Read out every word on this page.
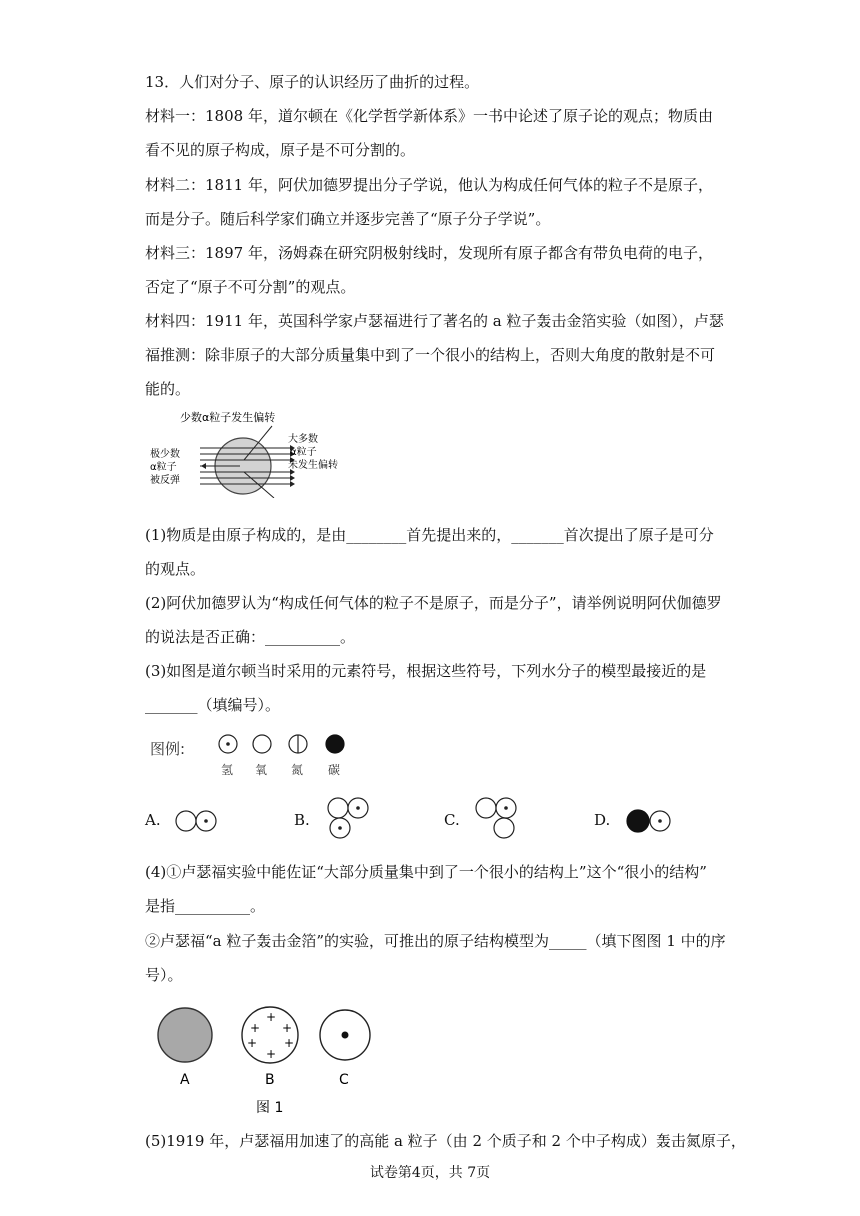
13．人们对分子、原子的认识经历了曲折的过程。
材料一：1808 年，道尔顿在《化学哲学新体系》一书中论述了原子论的观点；物质由
看不见的原子构成，原子是不可分割的。
材料二：1811 年，阿伏加德罗提出分子学说，他认为构成任何气体的粒子不是原子，
而是分子。随后科学家们确立并逐步完善了“原子分子学说”。
材料三：1897 年，汤姆森在研究阴极射线时，发现所有原子都含有带负电荷的电子，
否定了“原子不可分割”的观点。
材料四：1911 年，英国科学家卢瑟福进行了著名的 a 粒子轰击金箔实验（如图），卢瑟
福推测：除非原子的大部分质量集中到了一个很小的结构上，否则大角度的散射是不可
能的。
少数α粒子发生偏转
大多数
α粒子
未发生偏转
极少数
α粒子
被反弹
(1)物质是由原子构成的，是由________首先提出来的，_______首次提出了原子是可分
的观点。
(2)阿伏加德罗认为“构成任何气体的粒子不是原子，而是分子”，请举例说明阿伏伽德罗
的说法是否正确：__________。
(3)如图是道尔顿当时采用的元素符号，根据这些符号，下列水分子的模型最接近的是
_______（填编号）。
图例:
氢 氧 氮 碳
A.	B.	C.	D.
(4)①卢瑟福实验中能佐证“大部分质量集中到了一个很小的结构上”这个“很小的结构”
是指__________。
②卢瑟福“a 粒子轰击金箔”的实验，可推出的原子结构模型为_____（填下图图 1 中的序
号）。
+
+ +
+ +
+
A	B	C
图 1
(5)1919 年，卢瑟福用加速了的高能 a 粒子（由 2 个质子和 2 个中子构成）轰击氮原子，
试卷第4页，共 7页
